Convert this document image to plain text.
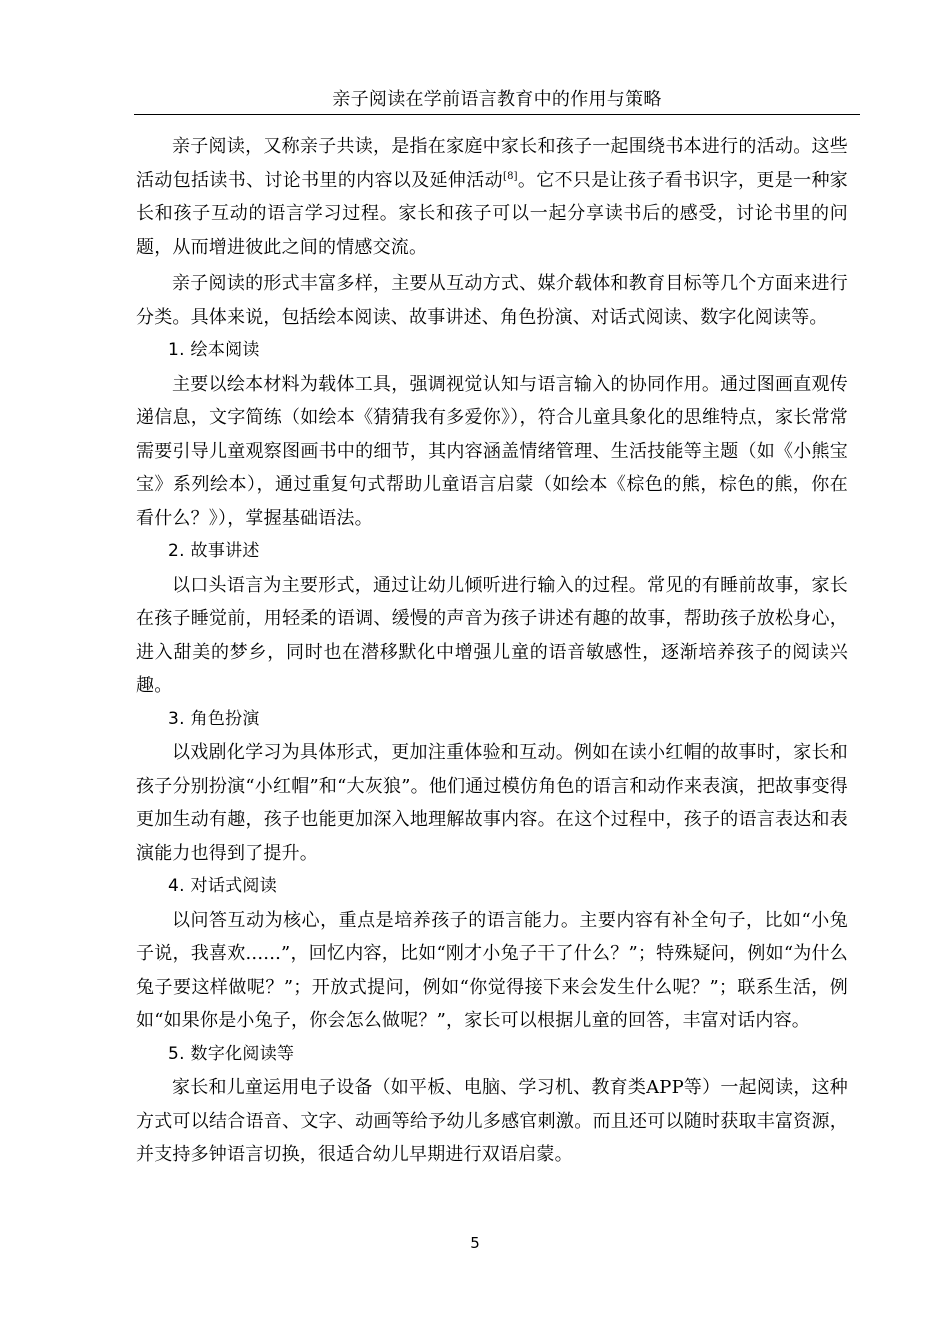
亲子阅读在学前语言教育中的作用与策略

亲子阅读，又称亲子共读，是指在家庭中家长和孩子一起围绕书本进行的活动。这些活动包括读书、讨论书里的内容以及延伸活动[8]。它不只是让孩子看书识字，更是一种家长和孩子互动的语言学习过程。家长和孩子可以一起分享读书后的感受，讨论书里的问题，从而增进彼此之间的情感交流。

亲子阅读的形式丰富多样，主要从互动方式、媒介载体和教育目标等几个方面来进行分类。具体来说，包括绘本阅读、故事讲述、角色扮演、对话式阅读、数字化阅读等。

1. 绘本阅读

主要以绘本材料为载体工具，强调视觉认知与语言输入的协同作用。通过图画直观传递信息，文字简练（如绘本《猜猜我有多爱你》），符合儿童具象化的思维特点，家长常常需要引导儿童观察图画书中的细节，其内容涵盖情绪管理、生活技能等主题（如《小熊宝宝》系列绘本），通过重复句式帮助儿童语言启蒙（如绘本《棕色的熊，棕色的熊，你在看什么？》），掌握基础语法。

2. 故事讲述

以口头语言为主要形式，通过让幼儿倾听进行输入的过程。常见的有睡前故事，家长在孩子睡觉前，用轻柔的语调、缓慢的声音为孩子讲述有趣的故事，帮助孩子放松身心，进入甜美的梦乡，同时也在潜移默化中增强儿童的语音敏感性，逐渐培养孩子的阅读兴趣。

3. 角色扮演

以戏剧化学习为具体形式，更加注重体验和互动。例如在读小红帽的故事时，家长和孩子分别扮演“小红帽”和“大灰狼”。他们通过模仿角色的语言和动作来表演，把故事变得更加生动有趣，孩子也能更加深入地理解故事内容。在这个过程中，孩子的语言表达和表演能力也得到了提升。

4. 对话式阅读

以问答互动为核心，重点是培养孩子的语言能力。主要内容有补全句子，比如“小兔子说，我喜欢......”，回忆内容，比如“刚才小兔子干了什么？”；特殊疑问，例如“为什么兔子要这样做呢？”；开放式提问，例如“你觉得接下来会发生什么呢？”；联系生活，例如“如果你是小兔子，你会怎么做呢？”，家长可以根据儿童的回答，丰富对话内容。

5. 数字化阅读等

家长和儿童运用电子设备（如平板、电脑、学习机、教育类APP等）一起阅读，这种方式可以结合语音、文字、动画等给予幼儿多感官刺激。而且还可以随时获取丰富资源，并支持多钟语言切换，很适合幼儿早期进行双语启蒙。

5
